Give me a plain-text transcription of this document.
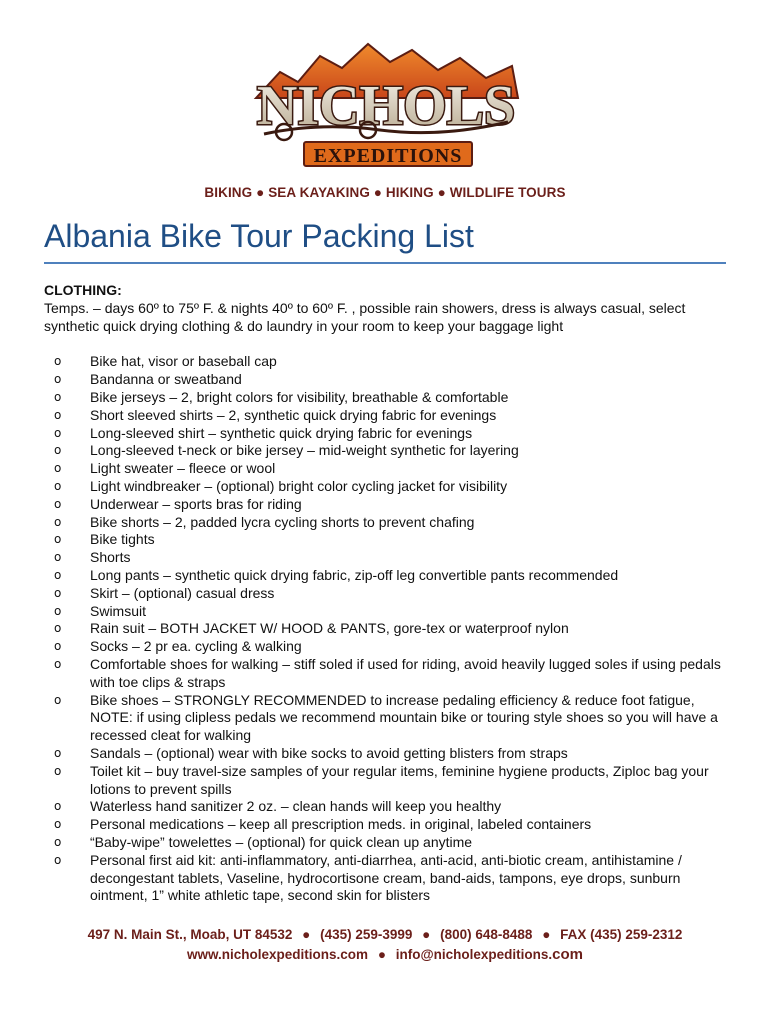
NICHOLS
EXPEDITIONS
BIKING ● SEA KAYAKING ● HIKING ● WILDLIFE TOURS
Albania Bike Tour Packing List

CLOTHING:

Temps. – days 60º to 75º F. & nights 40º to 60º F. , possible rain showers, dress is always casual, select synthetic quick drying clothing & do laundry in your room to keep your baggage light

o Bike hat, visor or baseball cap
o Bandanna or sweatband
o Bike jerseys – 2, bright colors for visibility, breathable & comfortable
o Short sleeved shirts – 2, synthetic quick drying fabric for evenings
o Long-sleeved shirt – synthetic quick drying fabric for evenings
o Long-sleeved t-neck or bike jersey – mid-weight synthetic for layering
o Light sweater – fleece or wool
o Light windbreaker – (optional) bright color cycling jacket for visibility
o Underwear – sports bras for riding
o Bike shorts – 2, padded lycra cycling shorts to prevent chafing
o Bike tights
o Shorts
o Long pants – synthetic quick drying fabric, zip-off leg convertible pants recommended
o Skirt – (optional) casual dress
o Swimsuit
o Rain suit – BOTH JACKET W/ HOOD & PANTS, gore-tex or waterproof nylon
o Socks – 2 pr ea. cycling & walking
o Comfortable shoes for walking – stiff soled if used for riding, avoid heavily lugged soles if using pedals with toe clips & straps
o Bike shoes – STRONGLY RECOMMENDED to increase pedaling efficiency & reduce foot fatigue, NOTE: if using clipless pedals we recommend mountain bike or touring style shoes so you will have a recessed cleat for walking
o Sandals – (optional) wear with bike socks to avoid getting blisters from straps
o Toilet kit – buy travel-size samples of your regular items, feminine hygiene products, Ziploc bag your lotions to prevent spills
o Waterless hand sanitizer 2 oz. – clean hands will keep you healthy
o Personal medications – keep all prescription meds. in original, labeled containers
o “Baby-wipe” towelettes – (optional) for quick clean up anytime
o Personal first aid kit: anti-inflammatory, anti-diarrhea, anti-acid, anti-biotic cream, antihistamine / decongestant tablets, Vaseline, hydrocortisone cream, band-aids, tampons, eye drops, sunburn ointment, 1” white athletic tape, second skin for blisters
497 N. Main St., Moab, UT 84532 ● (435) 259-3999 ● (800) 648-8488 ● FAX (435) 259-2312
www.nicholexpeditions.com ● info@nicholexpeditions.com
